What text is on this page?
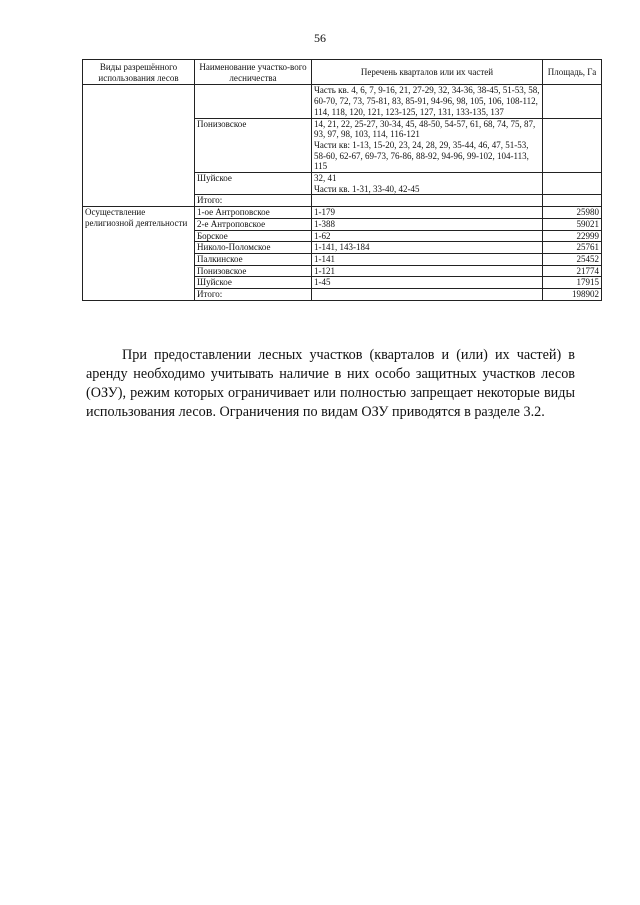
56
Виды разрешённого использования лесов	Наименование участко-вого лесничества	Перечень кварталов или их частей	Площадь, Га
		Часть кв. 4, 6, 7, 9-16, 21, 27-29, 32, 34-36, 38-45, 51-53, 58, 60-70, 72, 73, 75-81, 83, 85-91, 94-96, 98, 105, 106, 108-112, 114, 118, 120, 121, 123-125, 127, 131, 133-135, 137	
	Понизовское	14, 21, 22, 25-27, 30-34, 45, 48-50, 54-57, 61, 68, 74, 75, 87, 93, 97, 98, 103, 114, 116-121
Части кв: 1-13, 15-20, 23, 24, 28, 29, 35-44, 46, 47, 51-53, 58-60, 62-67, 69-73, 76-86, 88-92, 94-96, 99-102, 104-113, 115	

	Шуйское	32, 41
Части кв. 1-31, 33-40, 42-45	

	Итого:		
Осуществление религиозной деятельности	1-ое Антроповское	1-179	25980
	2-е Антроповское	1-388	59021
	Борское	1-62	22999
	Николо-Поломское	1-141, 143-184	25761
	Палкинское	1-141	25452
	Понизовское	1-121	21774
	Шуйское	1-45	17915
	Итого:		198902

При предоставлении лесных участков (кварталов и (или) их частей) в аренду необходимо учитывать наличие в них особо защитных участков лесов (ОЗУ), режим которых ограничивает или полностью запрещает некоторые виды использования лесов. Ограничения по видам ОЗУ приводятся в разделе 3.2.
